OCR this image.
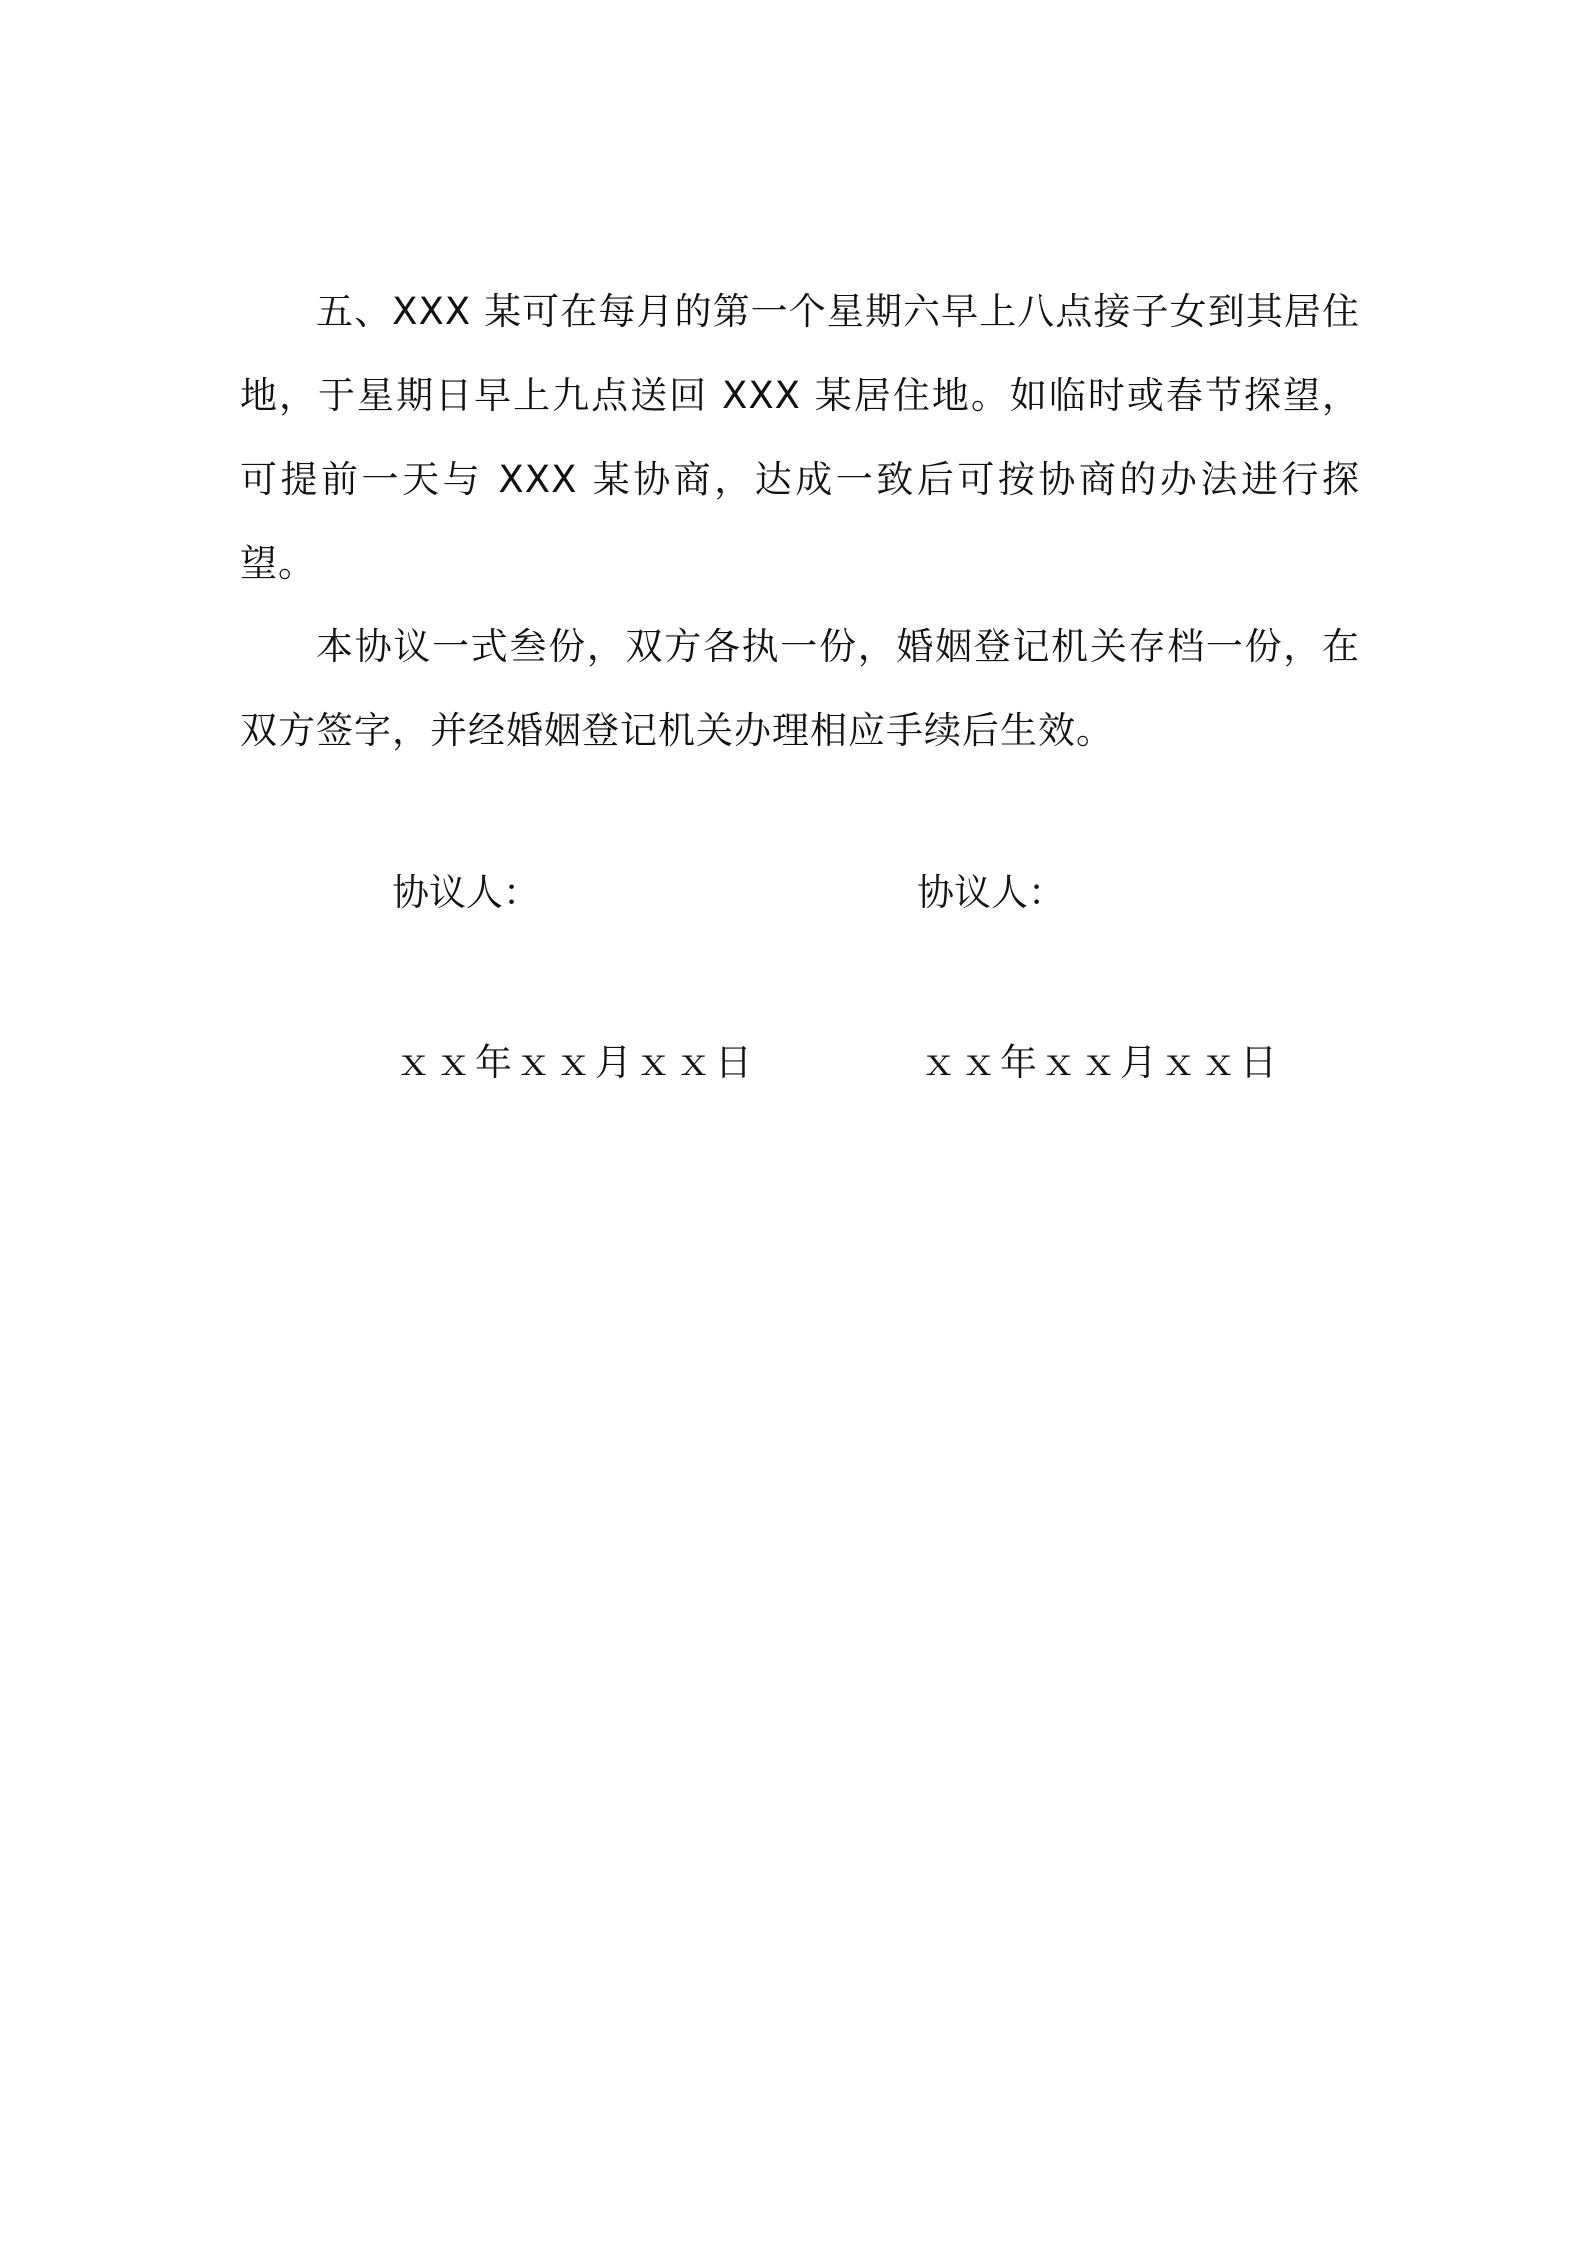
五、XXX 某可在每月的第一个星期六早上八点接子女到其居住地，于星期日早上九点送回 XXX 某居住地。如临时或春节探望，可提前一天与 XXX 某协商，达成一致后可按协商的办法进行探望。

本协议一式叁份，双方各执一份，婚姻登记机关存档一份，在双方签字，并经婚姻登记机关办理相应手续后生效。

协议人：	协议人：
ｘｘ年ｘｘ月ｘｘ日	ｘｘ年ｘｘ月ｘｘ日
